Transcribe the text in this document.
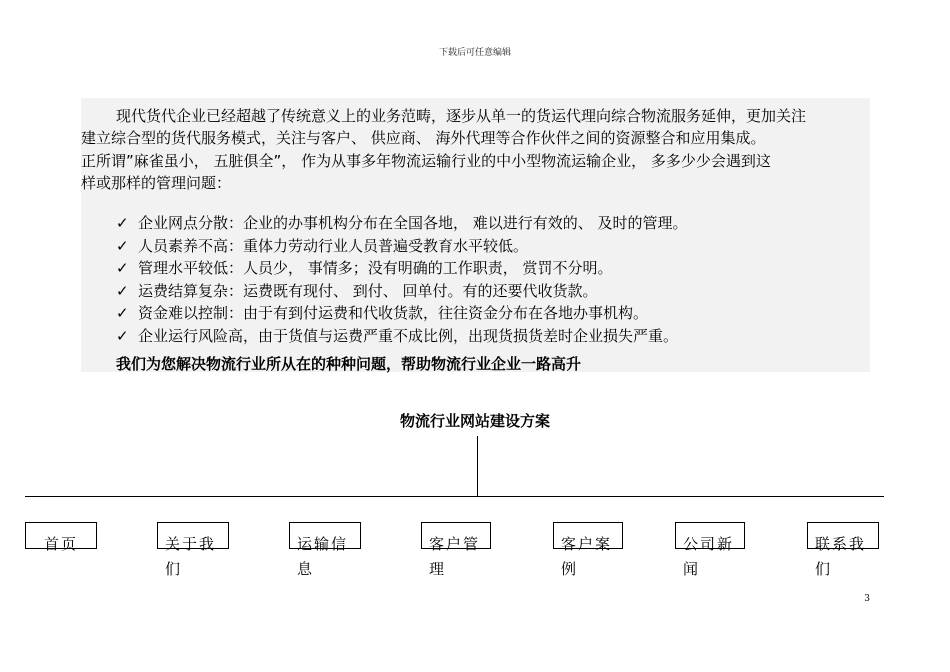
下载后可任意编辑
现代货代企业已经超越了传统意义上的业务范畴，逐步从单一的货运代理向综合物流服务延伸，更加关注
建立综合型的货代服务模式，关注与客户、 供应商、 海外代理等合作伙伴之间的资源整合和应用集成。
正所谓”麻雀虽小， 五脏俱全”， 作为从事多年物流运输行业的中小型物流运输企业， 多多少少会遇到这
样或那样的管理问题：
✓ 企业网点分散：企业的办事机构分布在全国各地， 难以进行有效的、 及时的管理。
✓ 人员素养不高：重体力劳动行业人员普遍受教育水平较低。
✓ 管理水平较低：人员少， 事情多；没有明确的工作职责， 赏罚不分明。
✓ 运费结算复杂：运费既有现付、 到付、 回单付。有的还要代收货款。
✓ 资金难以控制：由于有到付运费和代收货款，往往资金分布在各地办事机构。
✓ 企业运行风险高，由于货值与运费严重不成比例，出现货损货差时企业损失严重。
我们为您解决物流行业所从在的种种问题，帮助物流行业企业一路高升
物流行业网站建设方案
首页	关于我们
运输信息
客户管理
客户案例
公司新闻
联系我们
3
